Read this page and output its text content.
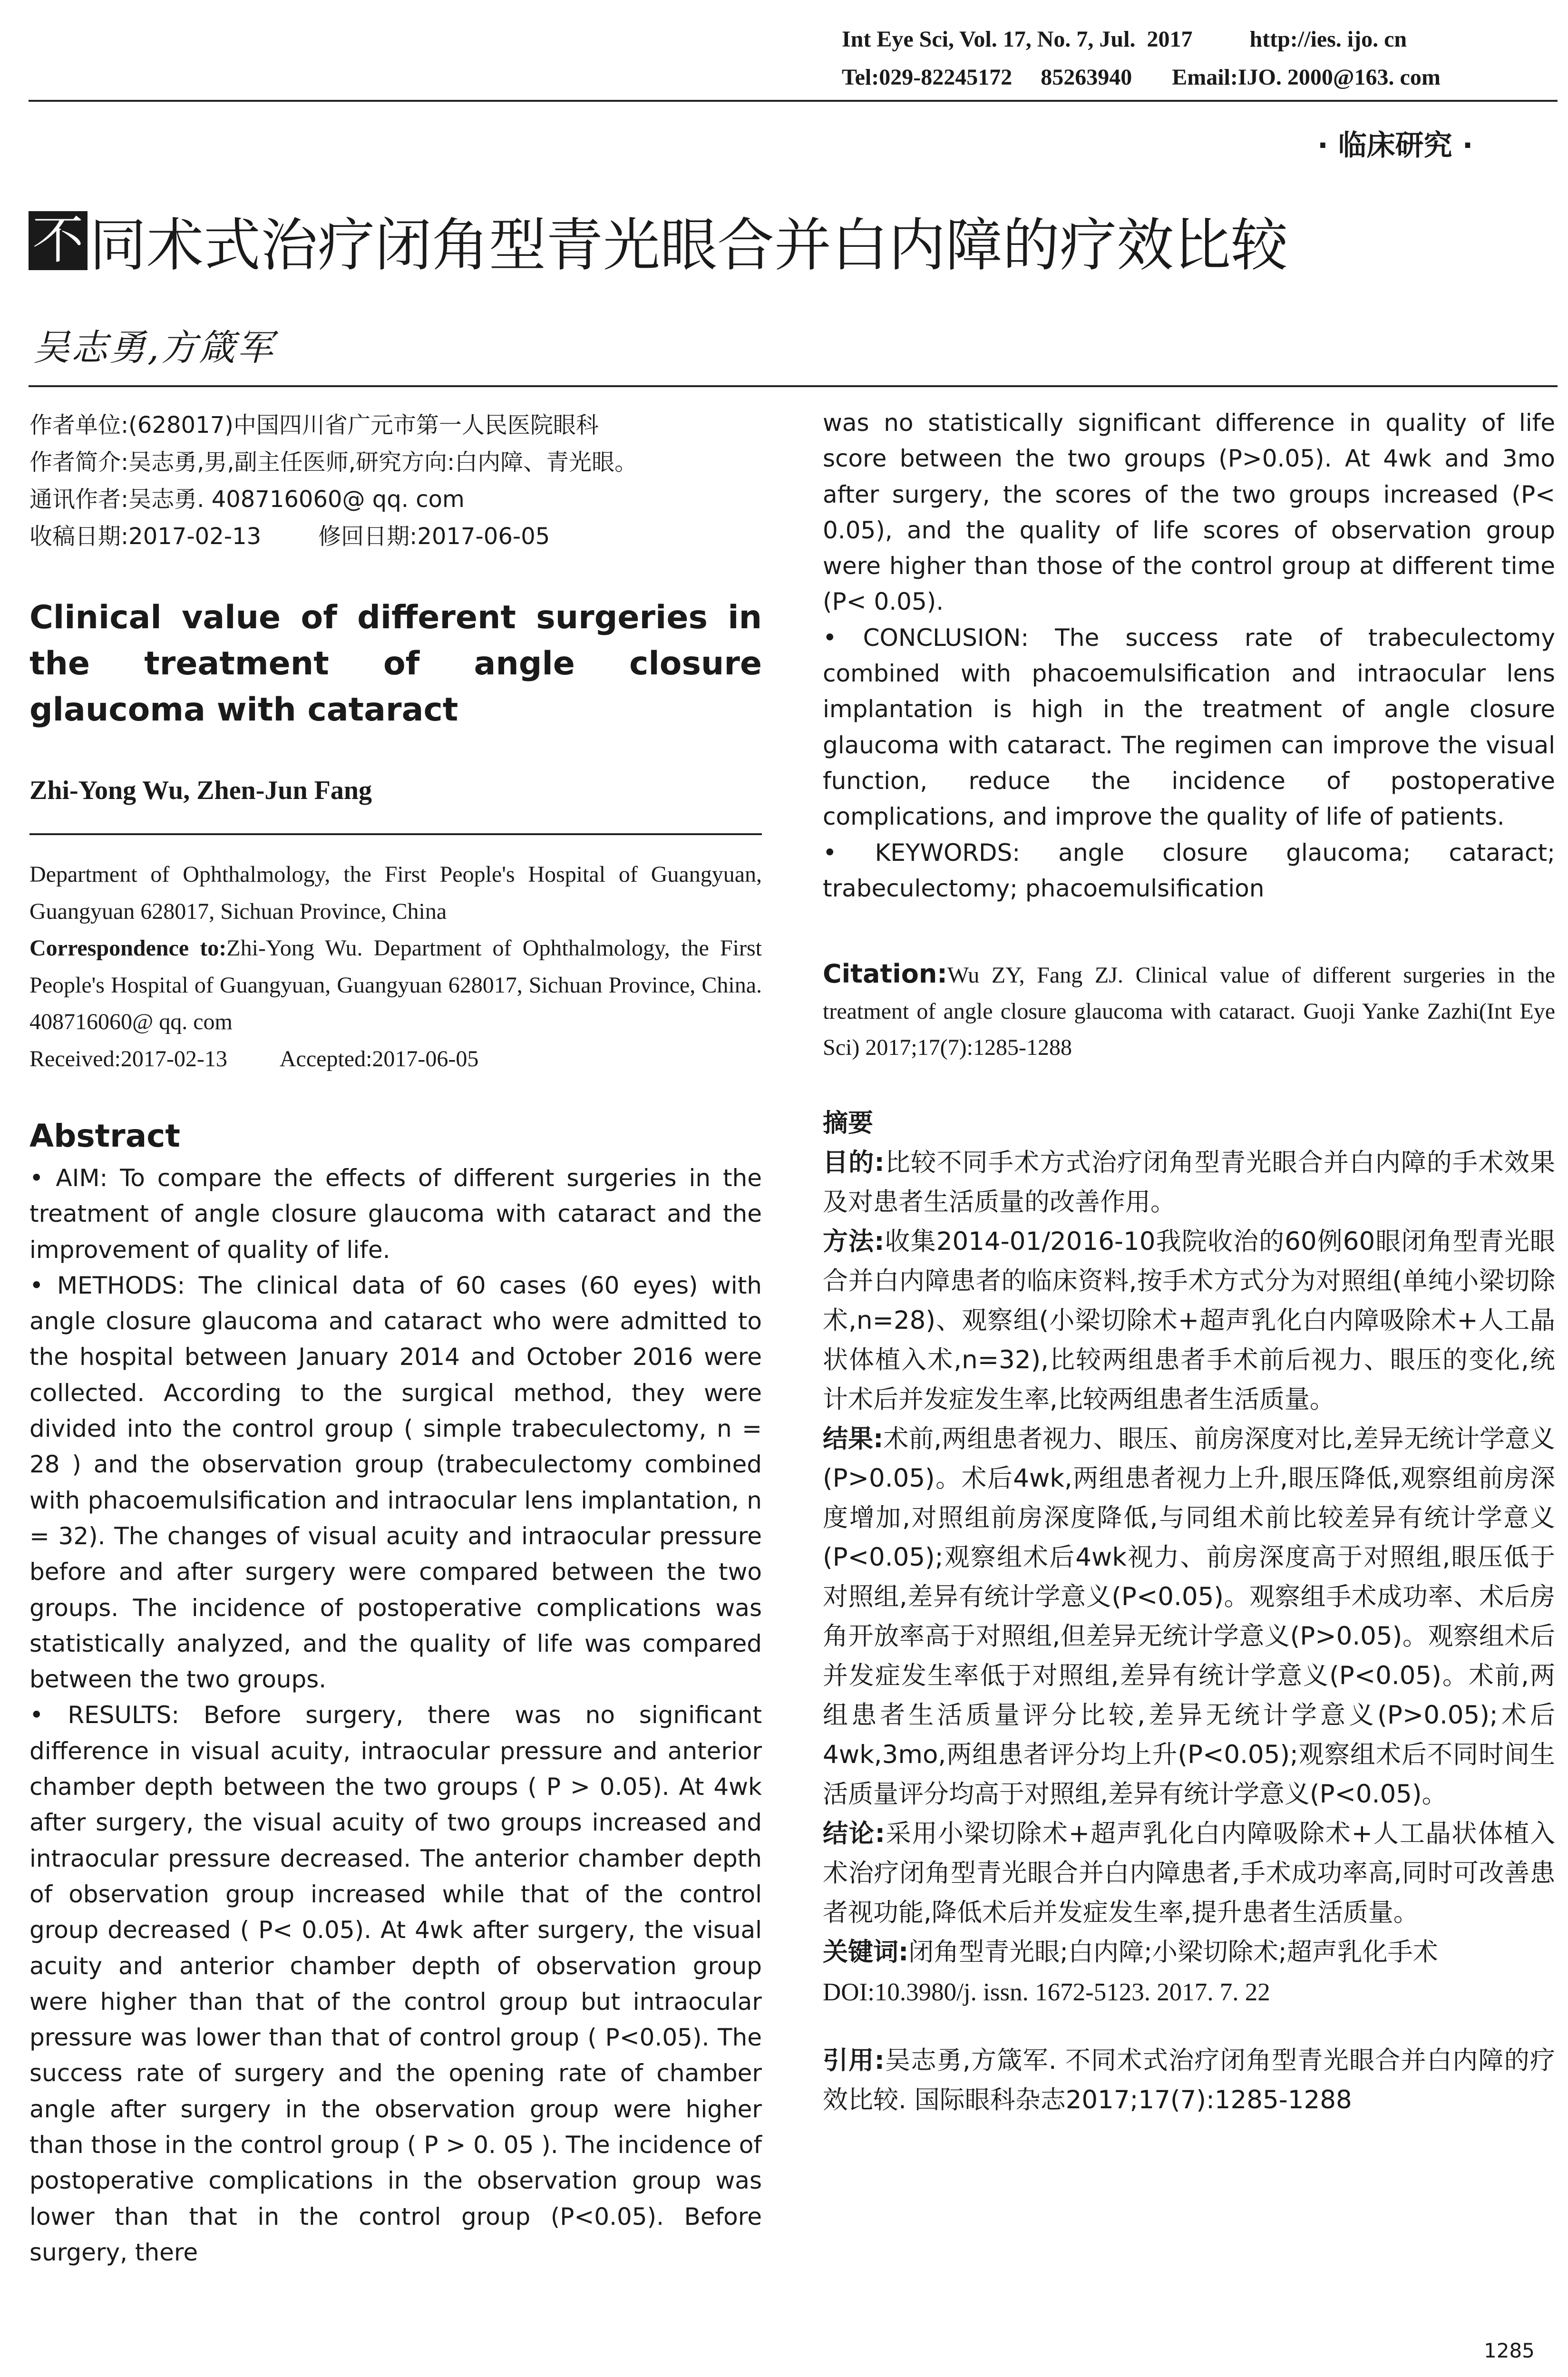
Int Eye Sci, Vol. 17, No. 7, Jul.  2017          http://ies. ijo. cn
Tel:029-82245172     85263940       Email:IJO. 2000@163. com
· 临床研究 ·
不 同术式治疗闭角型青光眼合并白内障的疗效比较
吴志勇,方箴军
作者单位:(628017)中国四川省广元市第一人民医院眼科
作者简介:吴志勇,男,副主任医师,研究方向:白内障、青光眼。
通讯作者:吴志勇. 408716060@ qq. com
收稿日期:2017-02-13	修回日期:2017-06-05
Clinical value of different surgeries in the treatment of angle closure glaucoma with cataract
Zhi-Yong Wu, Zhen-Jun Fang

Department of Ophthalmology, the First People's Hospital of Guangyuan, Guangyuan 628017, Sichuan Province, China

Correspondence to:Zhi-Yong Wu. Department of Ophthalmology, the First People's Hospital of Guangyuan, Guangyuan 628017, Sichuan Province, China. 408716060@ qq. com

Received:2017-02-13 Accepted:2017-06-05

Abstract

• AIM: To compare the effects of different surgeries in the treatment of angle closure glaucoma with cataract and the improvement of quality of life.

• METHODS: The clinical data of 60 cases (60 eyes) with angle closure glaucoma and cataract who were admitted to the hospital between January 2014 and October 2016 were collected. According to the surgical method, they were divided into the control group ( simple trabeculectomy, n = 28 ) and the observation group (trabeculectomy combined with phacoemulsification and intraocular lens implantation, n = 32). The changes of visual acuity and intraocular pressure before and after surgery were compared between the two groups. The incidence of postoperative complications was statistically analyzed, and the quality of life was compared between the two groups.

• RESULTS: Before surgery, there was no significant difference in visual acuity, intraocular pressure and anterior chamber depth between the two groups ( P > 0.05). At 4wk after surgery, the visual acuity of two groups increased and intraocular pressure decreased. The anterior chamber depth of observation group increased while that of the control group decreased ( P< 0.05). At 4wk after surgery, the visual acuity and anterior chamber depth of observation group were higher than that of the control group but intraocular pressure was lower than that of control group ( P<0.05). The success rate of surgery and the opening rate of chamber angle after surgery in the observation group were higher than those in the control group ( P > 0. 05 ). The incidence of postoperative complications in the observation group was lower than that in the control group (P<0.05). Before surgery, there

was no statistically significant difference in quality of life score between the two groups (P>0.05). At 4wk and 3mo after surgery, the scores of the two groups increased (P< 0.05), and the quality of life scores of observation group were higher than those of the control group at different time (P< 0.05).

• CONCLUSION: The success rate of trabeculectomy combined with phacoemulsification and intraocular lens implantation is high in the treatment of angle closure glaucoma with cataract. The regimen can improve the visual function, reduce the incidence of postoperative complications, and improve the quality of life of patients.

• KEYWORDS: angle closure glaucoma; cataract; trabeculectomy; phacoemulsification

Citation:Wu ZY, Fang ZJ. Clinical value of different surgeries in the treatment of angle closure glaucoma with cataract. Guoji Yanke Zazhi(Int Eye Sci) 2017;17(7):1285-1288

摘要

目的:比较不同手术方式治疗闭角型青光眼合并白内障的手术效果及对患者生活质量的改善作用。

方法:收集2014-01/2016-10我院收治的60例60眼闭角型青光眼合并白内障患者的临床资料,按手术方式分为对照组(单纯小梁切除术,n=28)、观察组(小梁切除术+超声乳化白内障吸除术+人工晶状体植入术,n=32),比较两组患者手术前后视力、眼压的变化,统计术后并发症发生率,比较两组患者生活质量。

结果:术前,两组患者视力、眼压、前房深度对比,差异无统计学意义(P>0.05)。术后4wk,两组患者视力上升,眼压降低,观察组前房深度增加,对照组前房深度降低,与同组术前比较差异有统计学意义(P<0.05);观察组术后4wk视力、前房深度高于对照组,眼压低于对照组,差异有统计学意义(P<0.05)。观察组手术成功率、术后房角开放率高于对照组,但差异无统计学意义(P>0.05)。观察组术后并发症发生率低于对照组,差异有统计学意义(P<0.05)。术前,两组患者生活质量评分比较,差异无统计学意义(P>0.05);术后4wk,3mo,两组患者评分均上升(P<0.05);观察组术后不同时间生活质量评分均高于对照组,差异有统计学意义(P<0.05)。

结论:采用小梁切除术+超声乳化白内障吸除术+人工晶状体植入术治疗闭角型青光眼合并白内障患者,手术成功率高,同时可改善患者视功能,降低术后并发症发生率,提升患者生活质量。

关键词:闭角型青光眼;白内障;小梁切除术;超声乳化手术

DOI:10.3980/j. issn. 1672-5123. 2017. 7. 22

引用:吴志勇,方箴军. 不同术式治疗闭角型青光眼合并白内障的疗效比较. 国际眼科杂志2017;17(7):1285-1288

1285
